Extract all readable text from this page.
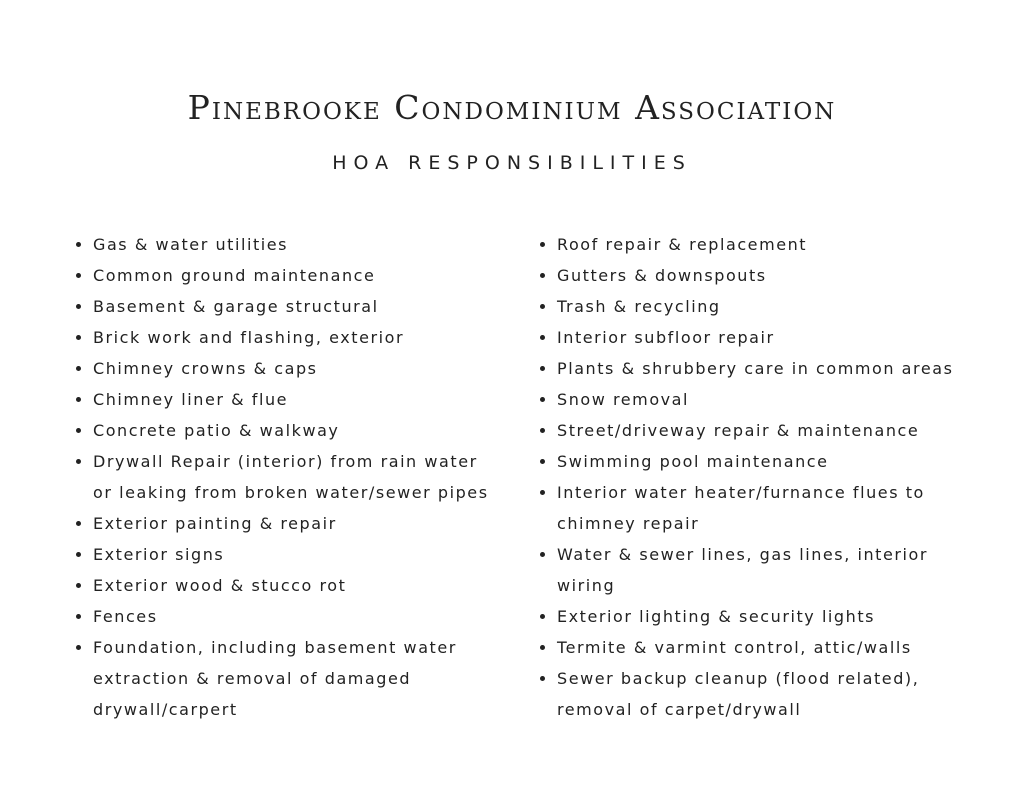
Pinebrooke Condominium Association
HOA RESPONSIBILITIES
Gas & water utilities
Common ground maintenance
Basement & garage structural
Brick work and flashing, exterior
Chimney crowns & caps
Chimney liner & flue
Concrete patio & walkway
Drywall Repair (interior) from rain water
or leaking from broken water/sewer pipes
Exterior painting & repair
Exterior signs
Exterior wood & stucco rot
Fences
Foundation, including basement water
extraction & removal of damaged
drywall/carpert
Roof repair & replacement
Gutters & downspouts
Trash & recycling
Interior subfloor repair
Plants & shrubbery care in common areas
Snow removal
Street/driveway repair & maintenance
Swimming pool maintenance
Interior water heater/furnance flues to
chimney repair
Water & sewer lines, gas lines, interior
wiring
Exterior lighting & security lights
Termite & varmint control, attic/walls
Sewer backup cleanup (flood related),
removal of carpet/drywall
